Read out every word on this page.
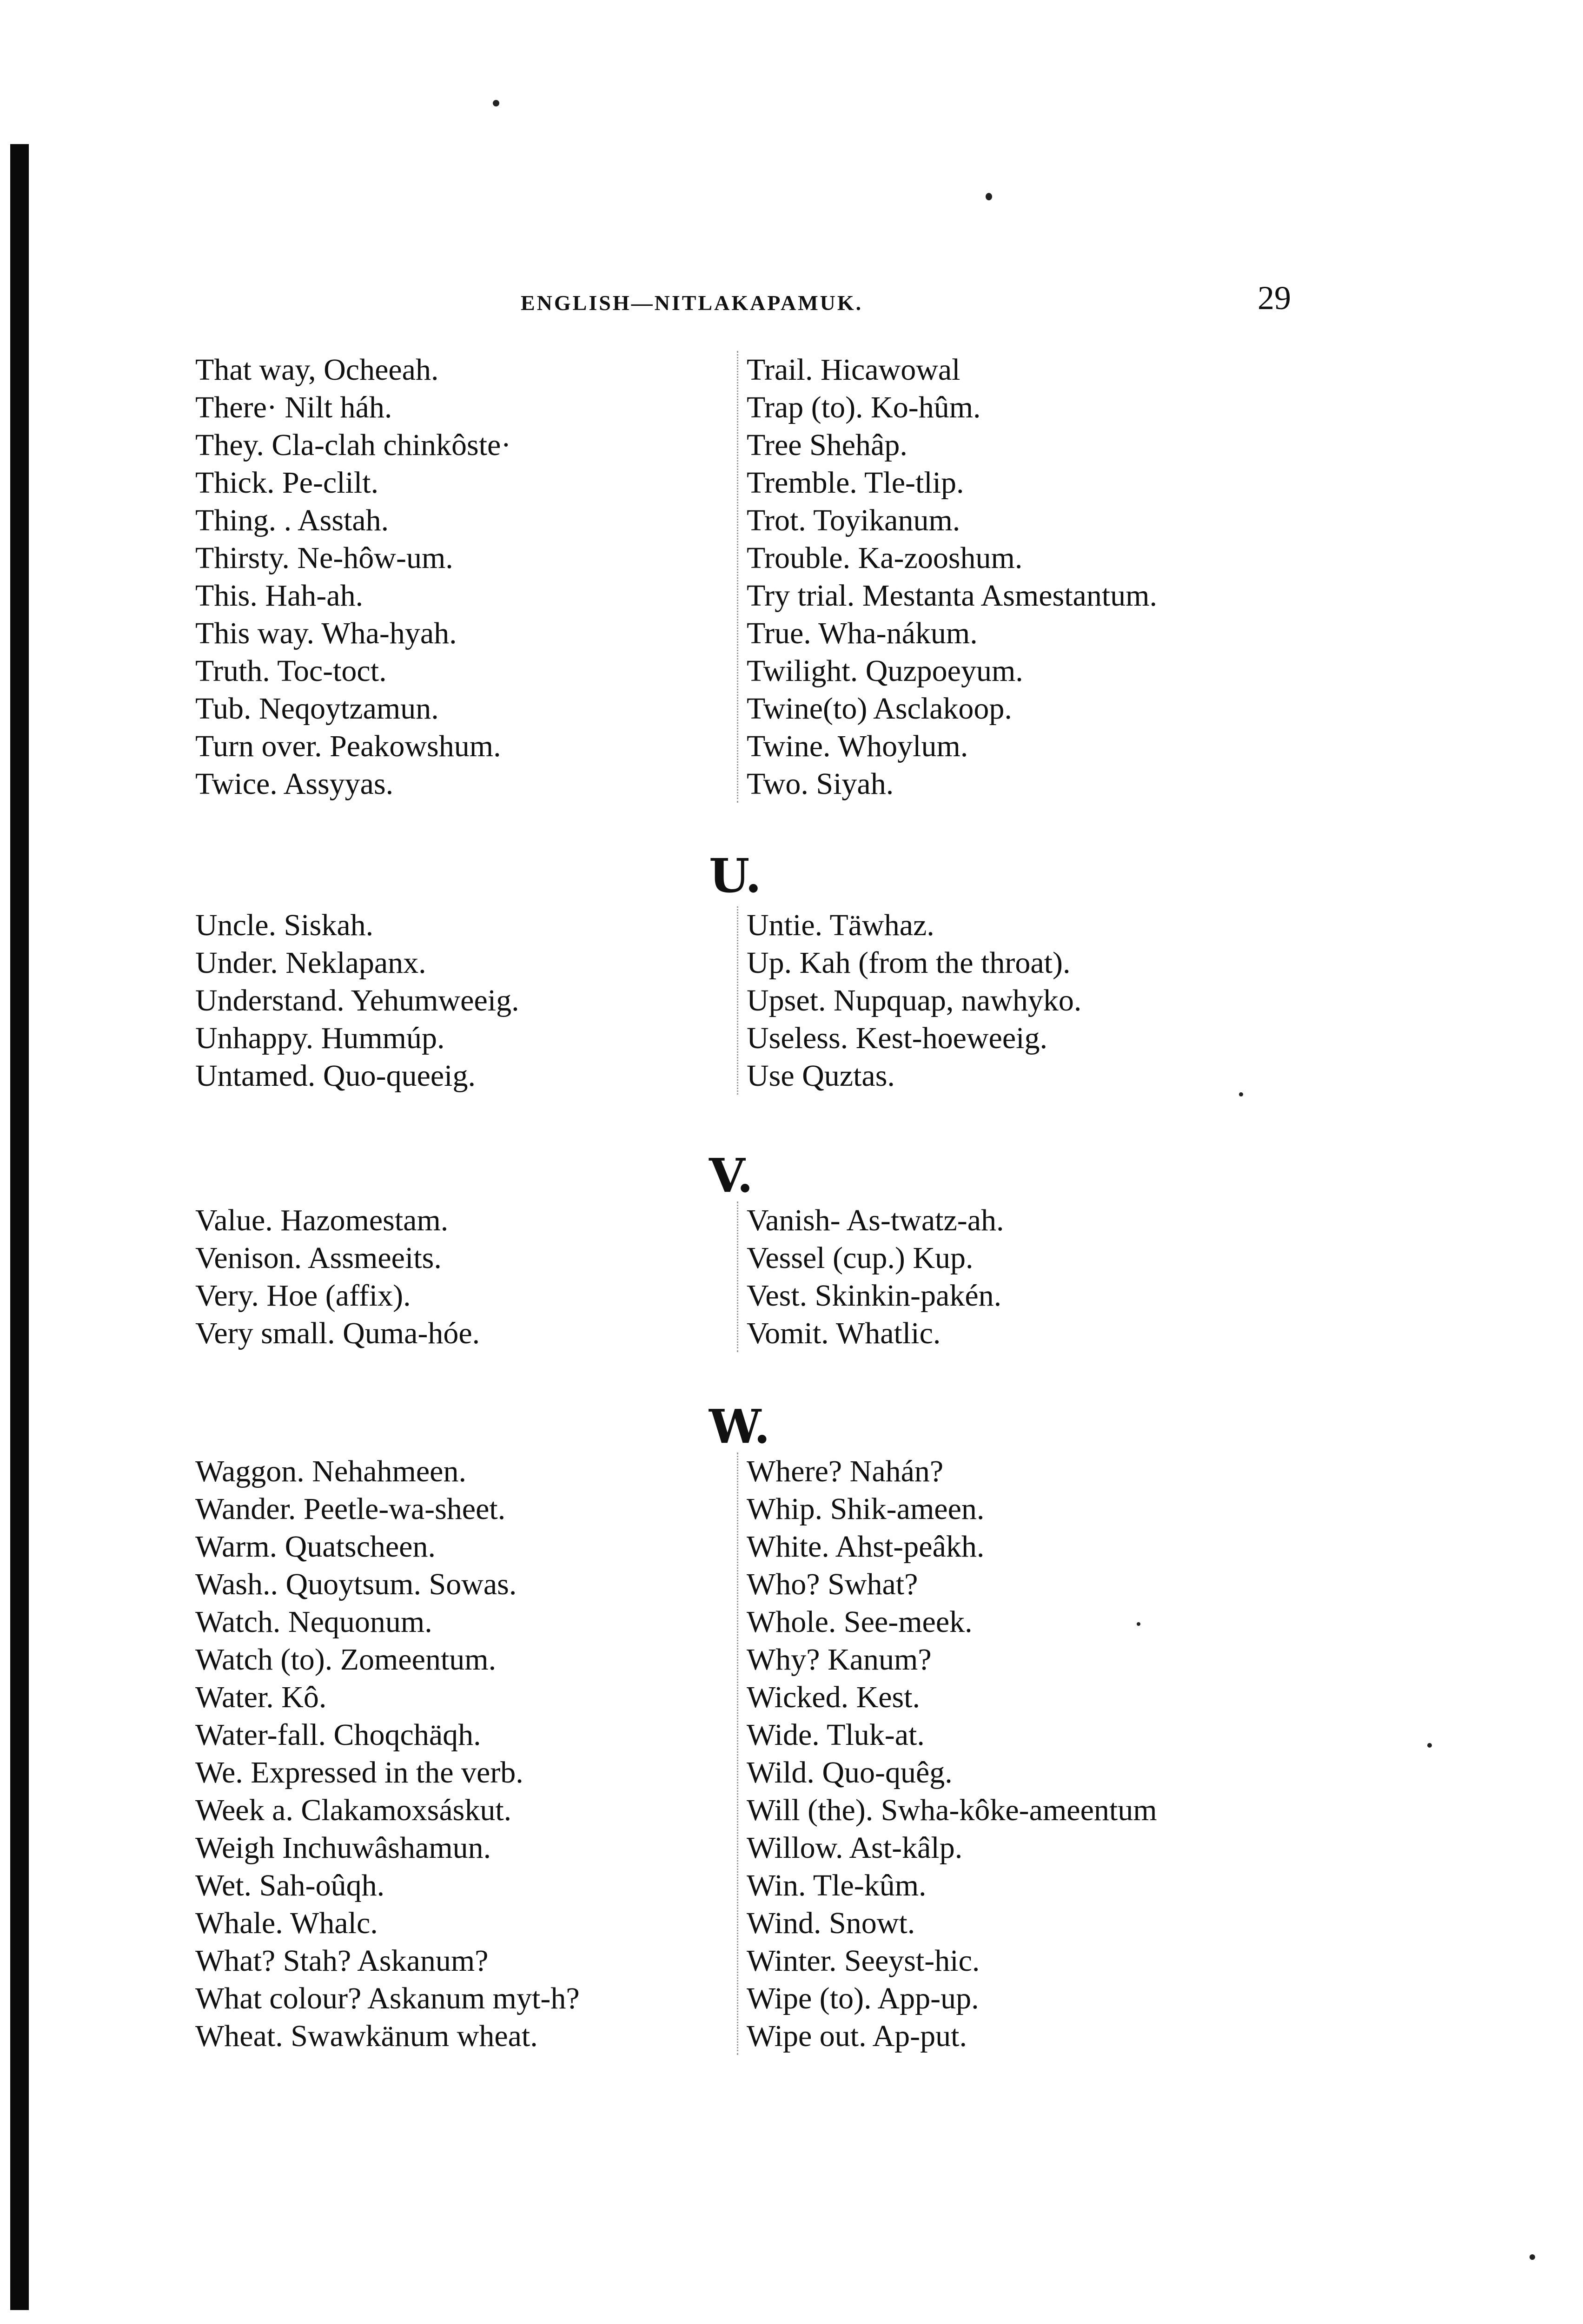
ENGLISH—NITLAKAPAMUK.	29
That way, Ocheeah.
There· Nilt háh.
They. Cla-clah chinkôste·
Thick. Pe-clilt.
Thing. . Asstah.
Thirsty. Ne-hôw-um.
This. Hah-ah.
This way. Wha-hyah.
Truth. Toc-toct.
Tub. Neqoytzamun.
Turn over. Peakowshum.
Twice. Assyyas.
Trail. Hicawowal
Trap (to). Ko-hûm.
Tree Shehâp.
Tremble. Tle-tlip.
Trot. Toyikanum.
Trouble. Ka-zooshum.
Try trial. Mestanta Asmestantum.
True. Wha-nákum.
Twilight. Quzpoeyum.
Twine(to) Asclakoop.
Twine. Whoylum.
Two. Siyah.
U.
Uncle. Siskah.
Under. Neklapanx.
Understand. Yehumweeig.
Unhappy. Hummúp.
Untamed. Quo-queeig.
Untie. Täwhaz.
Up. Kah (from the throat).
Upset. Nupquap, nawhyko.
Useless. Kest-hoeweeig.
Use Quztas.
V.
Value. Hazomestam.
Venison. Assmeeits.
Very. Hoe (affix).
Very small. Quma-hóe.
Vanish- As-twatz-ah.
Vessel (cup.) Kup.
Vest. Skinkin-pakén.
Vomit. Whatlic.
W.
Waggon. Nehahmeen.
Wander. Peetle-wa-sheet.
Warm. Quatscheen.
Wash.. Quoytsum. Sowas.
Watch. Nequonum.
Watch (to). Zomeentum.
Water. Kô.
Water-fall. Choqchäqh.
We. Expressed in the verb.
Week a. Clakamoxsáskut.
Weigh Inchuwâshamun.
Wet. Sah-oûqh.
Whale. Whalc.
What? Stah? Askanum?
What colour? Askanum myt-h?
Wheat. Swawkänum wheat.
Where? Nahán?
Whip. Shik-ameen.
White. Ahst-peâkh.
Who? Swhat?
Whole. See-meek.
Why? Kanum?
Wicked. Kest.
Wide. Tluk-at.
Wild. Quo-quêg.
Will (the). Swha-kôke-ameentum
Willow. Ast-kâlp.
Win. Tle-kûm.
Wind. Snowt.
Winter. Seeyst-hic.
Wipe (to). App-up.
Wipe out. Ap-put.
